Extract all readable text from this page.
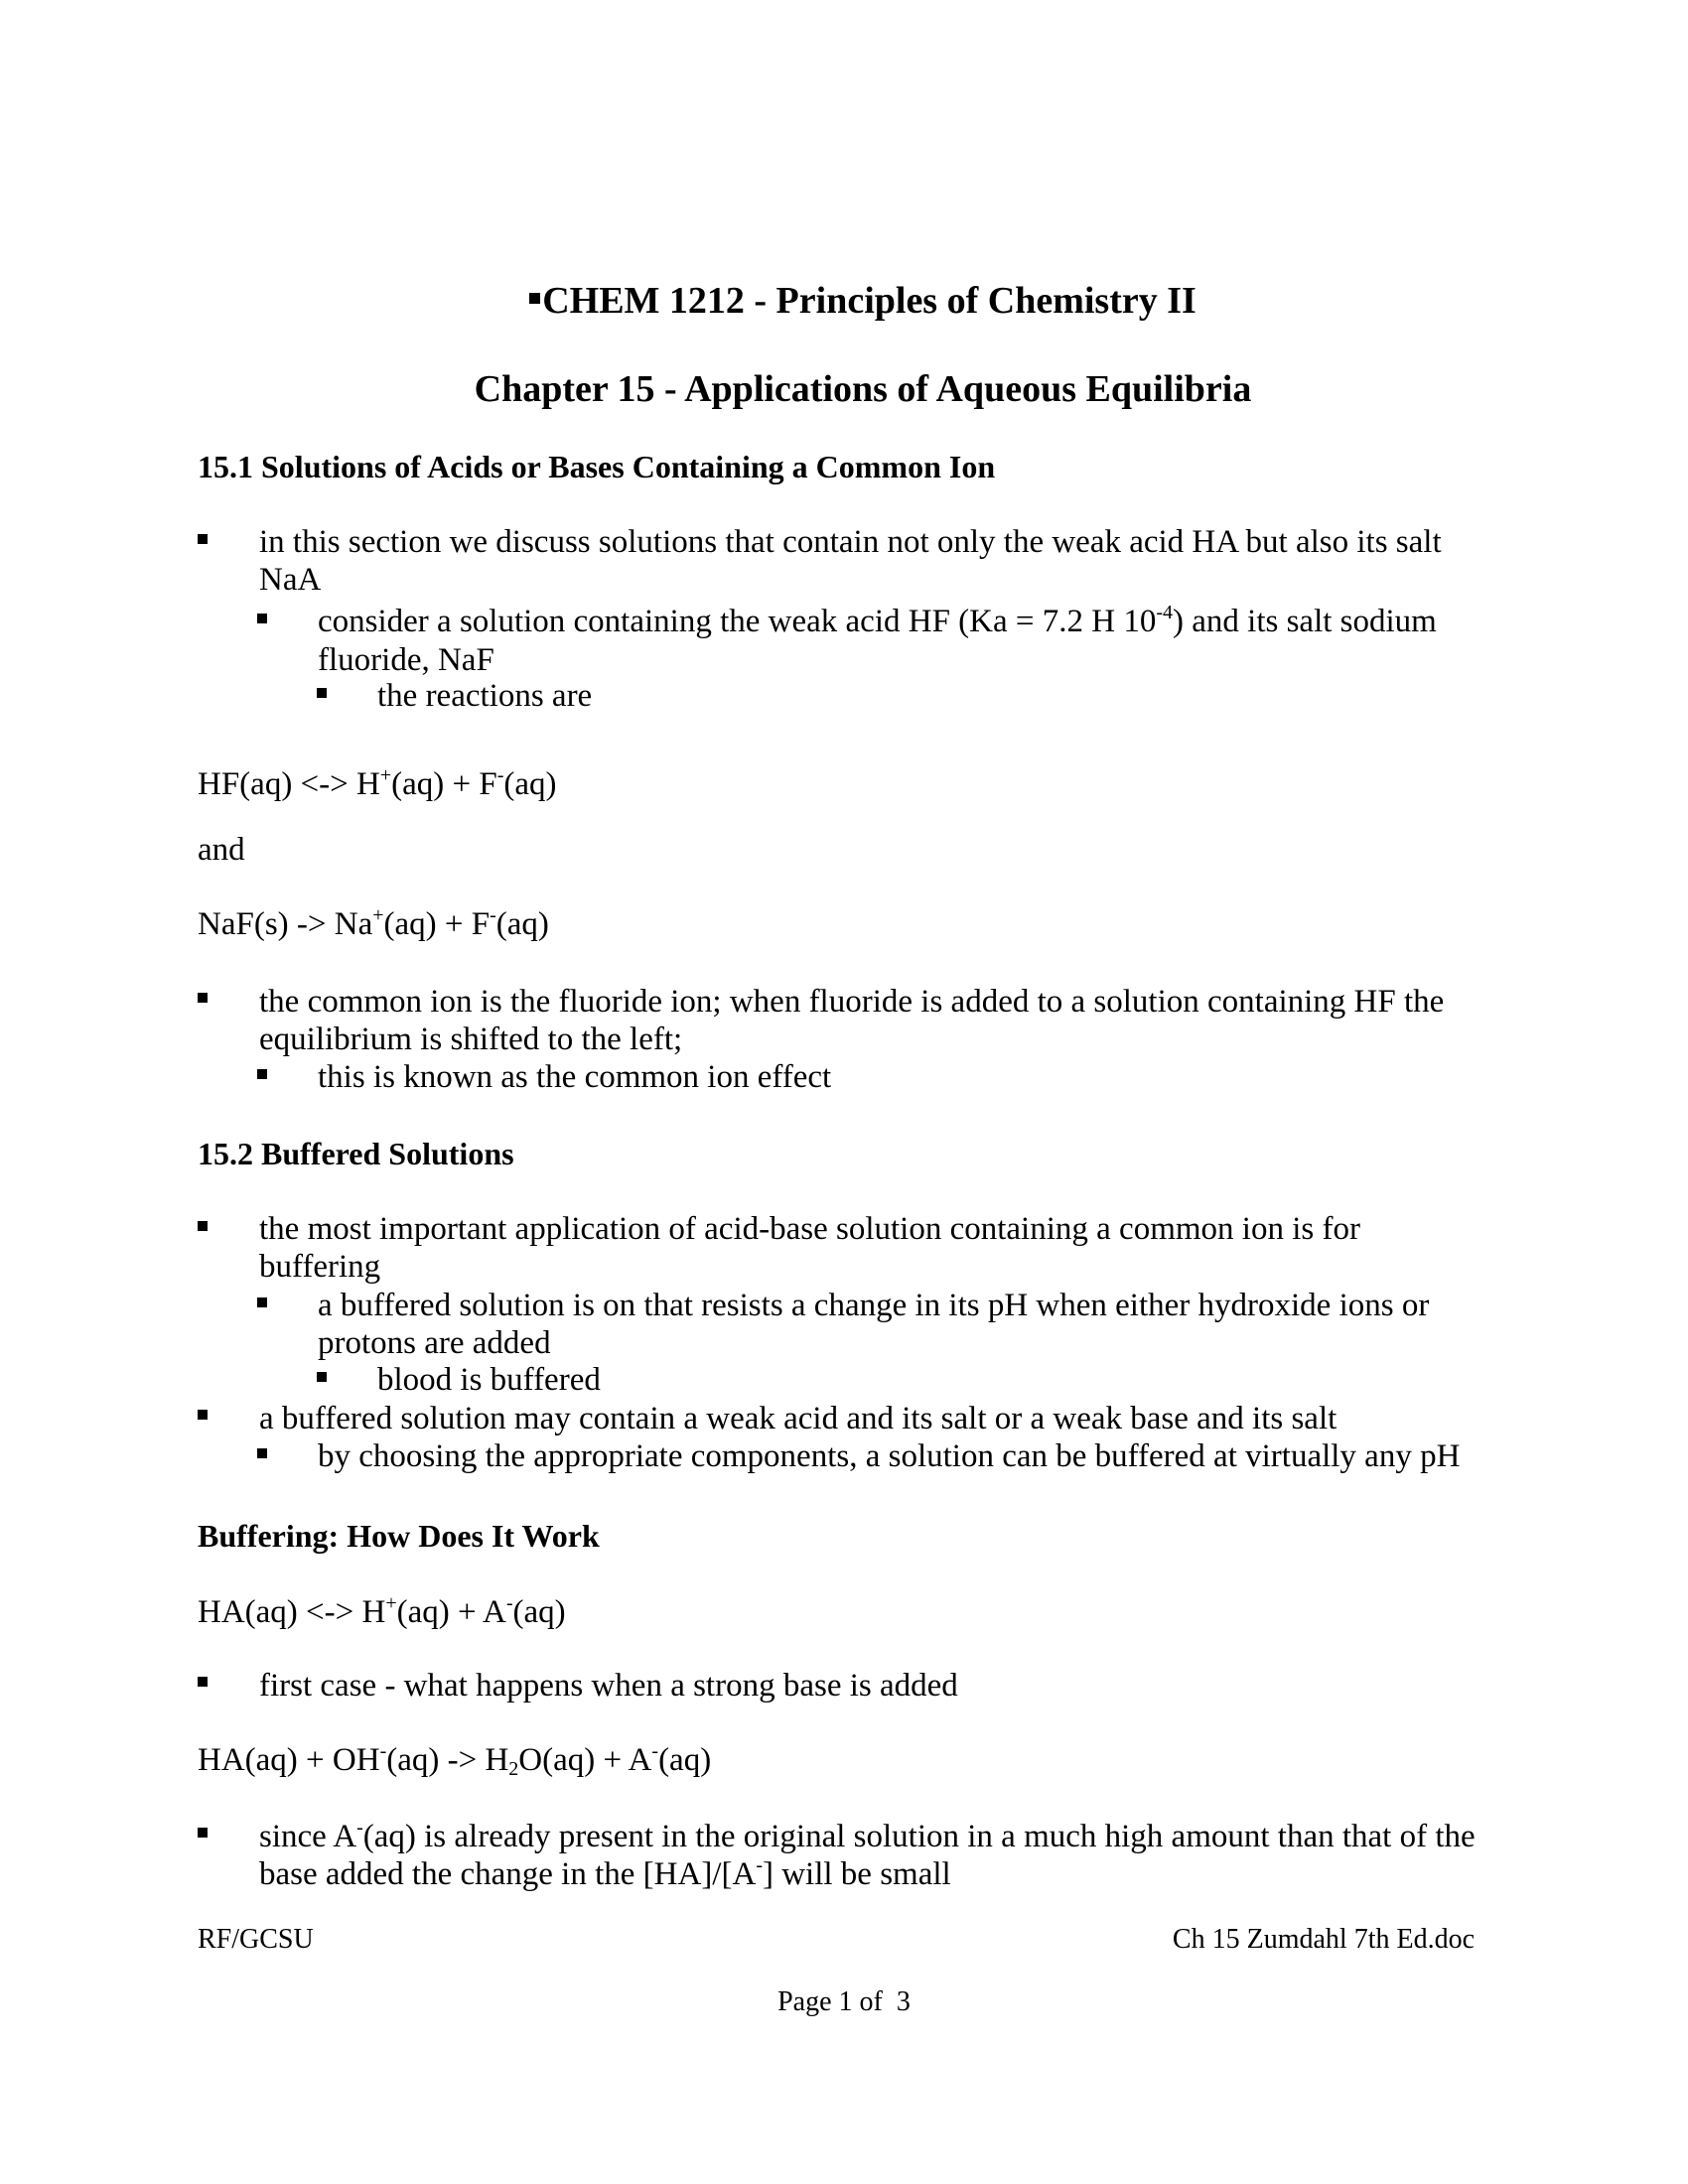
CHEM 1212 - Principles of Chemistry II

Chapter 15 - Applications of Aqueous Equilibria

15.1 Solutions of Acids or Bases Containing a Common Ion
in this section we discuss solutions that contain not only the weak acid HA but also its salt
NaA
consider a solution containing the weak acid HF (Ka = 7.2 H $10^{-4}$) and its salt sodium
fluoride, NaF
the reactions are
HF(aq) <-> H+(aq) + F-(aq)
and
NaF(s) -> Na+(aq) + F-(aq)
the common ion is the fluoride ion; when fluoride is added to a solution containing HF the
equilibrium is shifted to the left;
this is known as the common ion effect
15.2 Buffered Solutions
the most important application of acid-base solution containing a common ion is for
buffering
a buffered solution is on that resists a change in its pH when either hydroxide ions or
protons are added
blood is buffered
a buffered solution may contain a weak acid and its salt or a weak base and its salt
by choosing the appropriate components, a solution can be buffered at virtually any pH
Buffering: How Does It Work
HA(aq) <-> H+(aq) + A-(aq)
first case - what happens when a strong base is added
$HA(aq) + OH^-(aq) -> H_2O(aq) + A^-(aq)$
since A-(aq) is already present in the original solution in a much high amount than that of the
base added the change in the [HA]/[A-] will be small
RF/GCSU	Ch 15 Zumdahl 7th Ed.doc
Page 1 of  3
